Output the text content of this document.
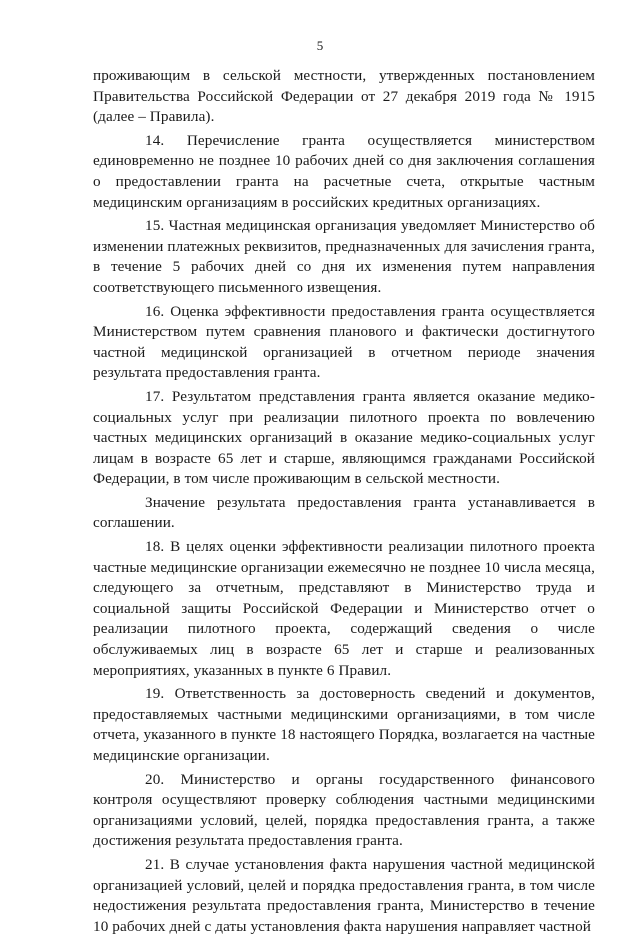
5

проживающим в сельской местности, утвержденных постановлением Правительства Российской Федерации от 27 декабря 2019 года № 1915 (далее – Правила).

14. Перечисление гранта осуществляется министерством единовременно не позднее 10 рабочих дней со дня заключения соглашения о предоставлении гранта на расчетные счета, открытые частным медицинским организациям в российских кредитных организациях.

15. Частная медицинская организация уведомляет Министерство об изменении платежных реквизитов, предназначенных для зачисления гранта, в течение 5 рабочих дней со дня их изменения путем направления соответствующего письменного извещения.

16. Оценка эффективности предоставления гранта осуществляется Министерством путем сравнения планового и фактически достигнутого частной медицинской организацией в отчетном периоде значения результата предоставления гранта.

17. Результатом представления гранта является оказание медико-социальных услуг при реализации пилотного проекта по вовлечению частных медицинских организаций в оказание медико-социальных услуг лицам в возрасте 65 лет и старше, являющимся гражданами Российской Федерации, в том числе проживающим в сельской местности.

Значение результата предоставления гранта устанавливается в соглашении.

18. В целях оценки эффективности реализации пилотного проекта частные медицинские организации ежемесячно не позднее 10 числа месяца, следующего за отчетным, представляют в Министерство труда и социальной защиты Российской Федерации и Министерство отчет о реализации пилотного проекта, содержащий сведения о числе обслуживаемых лиц в возрасте 65 лет и старше и реализованных мероприятиях, указанных в пункте 6 Правил.

19. Ответственность за достоверность сведений и документов, предоставляемых частными медицинскими организациями, в том числе отчета, указанного в пункте 18 настоящего Порядка, возлагается на частные медицинские организации.

20. Министерство и органы государственного финансового контроля осуществляют проверку соблюдения частными медицинскими организациями условий, целей, порядка предоставления гранта, а также достижения результата предоставления гранта.

21. В случае установления факта нарушения частной медицинской организацией условий, целей и порядка предоставления гранта, в том числе недостижения результата предоставления гранта, Министерство в течение 10 рабочих дней с даты установления факта нарушения направляет частной
